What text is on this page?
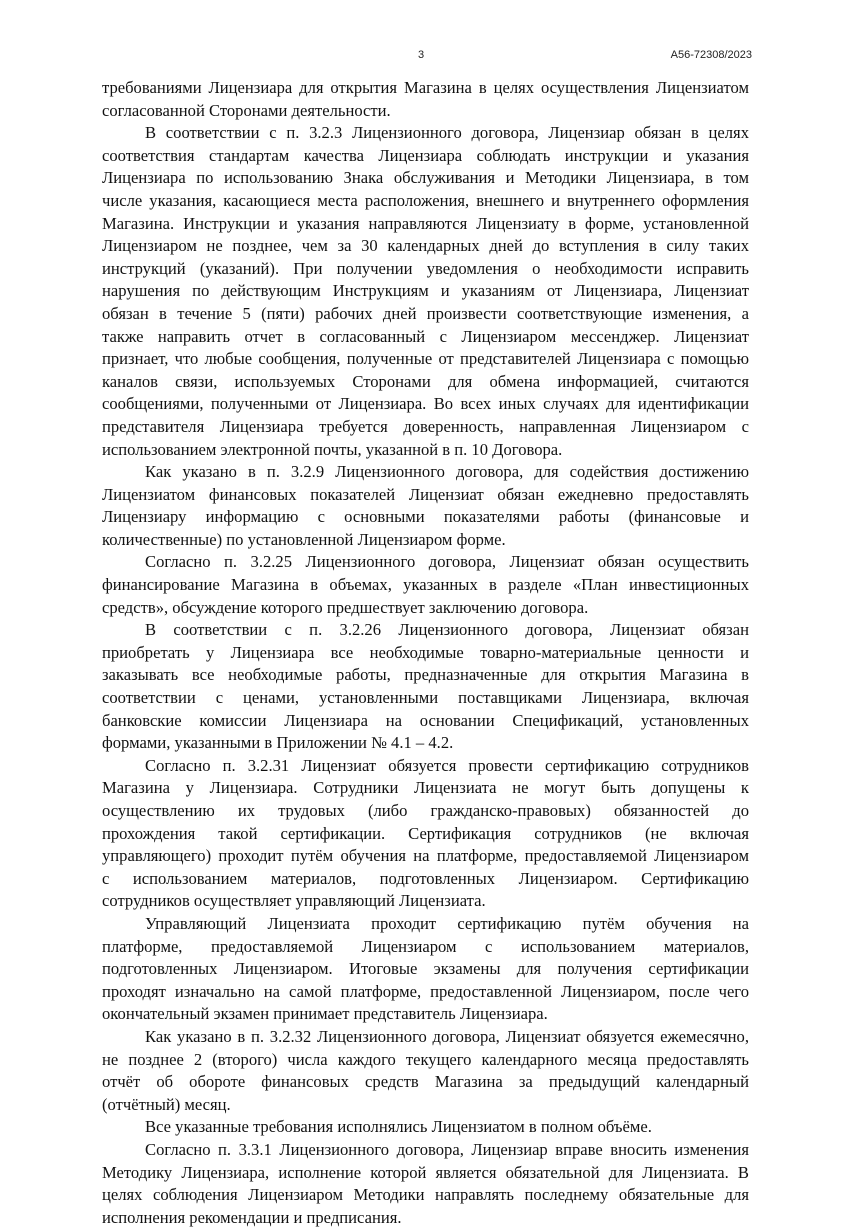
3	А56-72308/2023
требованиями Лицензиара для открытия Магазина в целях осуществления Лицензиатом
согласованной Сторонами деятельности.
В соответствии с п. 3.2.3 Лицензионного договора, Лицензиар обязан в целях
соответствия стандартам качества Лицензиара соблюдать инструкции и указания
Лицензиара по использованию Знака обслуживания и Методики Лицензиара, в том
числе указания, касающиеся места расположения, внешнего и внутреннего оформления
Магазина. Инструкции и указания направляются Лицензиату в форме, установленной
Лицензиаром не позднее, чем за 30 календарных дней до вступления в силу таких
инструкций (указаний). При получении уведомления о необходимости исправить
нарушения по действующим Инструкциям и указаниям от Лицензиара, Лицензиат
обязан в течение 5 (пяти) рабочих дней произвести соответствующие изменения, а
также направить отчет в согласованный с Лицензиаром мессенджер. Лицензиат
признает, что любые сообщения, полученные от представителей Лицензиара с помощью
каналов связи, используемых Сторонами для обмена информацией, считаются
сообщениями, полученными от Лицензиара. Во всех иных случаях для идентификации
представителя Лицензиара требуется доверенность, направленная Лицензиаром с
использованием электронной почты, указанной в п. 10 Договора.
Как указано в п. 3.2.9 Лицензионного договора, для содействия достижению
Лицензиатом финансовых показателей Лицензиат обязан ежедневно предоставлять
Лицензиару информацию с основными показателями работы (финансовые и
количественные) по установленной Лицензиаром форме.
Согласно п. 3.2.25 Лицензионного договора, Лицензиат обязан осуществить
финансирование Магазина в объемах, указанных в разделе «План инвестиционных
средств», обсуждение которого предшествует заключению договора.
В соответствии с п. 3.2.26 Лицензионного договора, Лицензиат обязан
приобретать у Лицензиара все необходимые товарно-материальные ценности и
заказывать все необходимые работы, предназначенные для открытия Магазина в
соответствии с ценами, установленными поставщиками Лицензиара, включая
банковские комиссии Лицензиара на основании Спецификаций, установленных
формами, указанными в Приложении № 4.1 – 4.2.
Согласно п. 3.2.31 Лицензиат обязуется провести сертификацию сотрудников
Магазина у Лицензиара. Сотрудники Лицензиата не могут быть допущены к
осуществлению их трудовых (либо гражданско-правовых) обязанностей до
прохождения такой сертификации. Сертификация сотрудников (не включая
управляющего) проходит путём обучения на платформе, предоставляемой Лицензиаром
с использованием материалов, подготовленных Лицензиаром. Сертификацию
сотрудников осуществляет управляющий Лицензиата.
Управляющий Лицензиата проходит сертификацию путём обучения на
платформе, предоставляемой Лицензиаром с использованием материалов,
подготовленных Лицензиаром. Итоговые экзамены для получения сертификации
проходят изначально на самой платформе, предоставленной Лицензиаром, после чего
окончательный экзамен принимает представитель Лицензиара.
Как указано в п. 3.2.32 Лицензионного договора, Лицензиат обязуется ежемесячно,
не позднее 2 (второго) числа каждого текущего календарного месяца предоставлять
отчёт об обороте финансовых средств Магазина за предыдущий календарный
(отчётный) месяц.
Все указанные требования исполнялись Лицензиатом в полном объёме.
Согласно п. 3.3.1 Лицензионного договора, Лицензиар вправе вносить изменения
Методику Лицензиара, исполнение которой является обязательной для Лицензиата. В
целях соблюдения Лицензиаром Методики направлять последнему обязательные для
исполнения рекомендации и предписания.
